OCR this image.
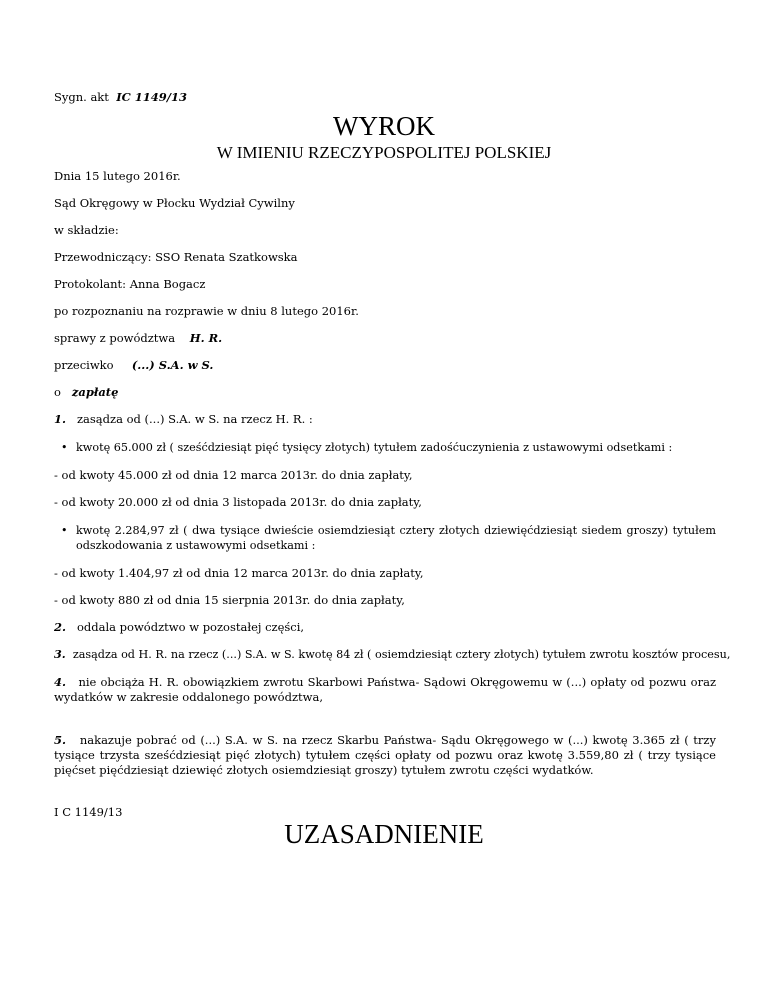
Sygn. akt IC 1149/13
WYROK
W IMIENIU RZECZYPOSPOLITEJ POLSKIEJ
Dnia 15 lutego 2016r.
Sąd Okręgowy w Płocku Wydział Cywilny
w składzie:
Przewodniczący: SSO Renata Szatkowska
Protokolant: Anna Bogacz
po rozpoznaniu na rozprawie w dniu 8 lutego 2016r.
sprawy z powództwa H. R.
przeciwko (...) S.A. w S.
o zapłatę
1. zasądza od (...) S.A. w S. na rzecz H. R. :
• kwotę 65.000 zł ( sześćdziesiąt pięć tysięcy złotych) tytułem zadośćuczynienia z ustawowymi odsetkami :
- od kwoty 45.000 zł od dnia 12 marca 2013r. do dnia zapłaty,
- od kwoty 20.000 zł od dnia 3 listopada 2013r. do dnia zapłaty,
• kwotę 2.284,97 zł ( dwa tysiące dwieście osiemdziesiąt cztery złotych dziewięćdziesiąt siedem groszy) tytułem odszkodowania z ustawowymi odsetkami :
- od kwoty 1.404,97 zł od dnia 12 marca 2013r. do dnia zapłaty,
- od kwoty 880 zł od dnia 15 sierpnia 2013r. do dnia zapłaty,
2. oddala powództwo w pozostałej części,
3. zasądza od H. R. na rzecz (...) S.A. w S. kwotę 84 zł ( osiemdziesiąt cztery złotych) tytułem zwrotu kosztów procesu,
4. nie obciąża H. R. obowiązkiem zwrotu Skarbowi Państwa- Sądowi Okręgowemu w (...) opłaty od pozwu oraz wydatków w zakresie oddalonego powództwa,
5. nakazuje pobrać od (...) S.A. w S. na rzecz Skarbu Państwa- Sądu Okręgowego w (...) kwotę 3.365 zł ( trzy tysiące trzysta sześćdziesiąt pięć złotych) tytułem części opłaty od pozwu oraz kwotę 3.559,80 zł ( trzy tysiące pięćset pięćdziesiąt dziewięć złotych osiemdziesiąt groszy) tytułem zwrotu części wydatków.
I C 1149/13
UZASADNIENIE
